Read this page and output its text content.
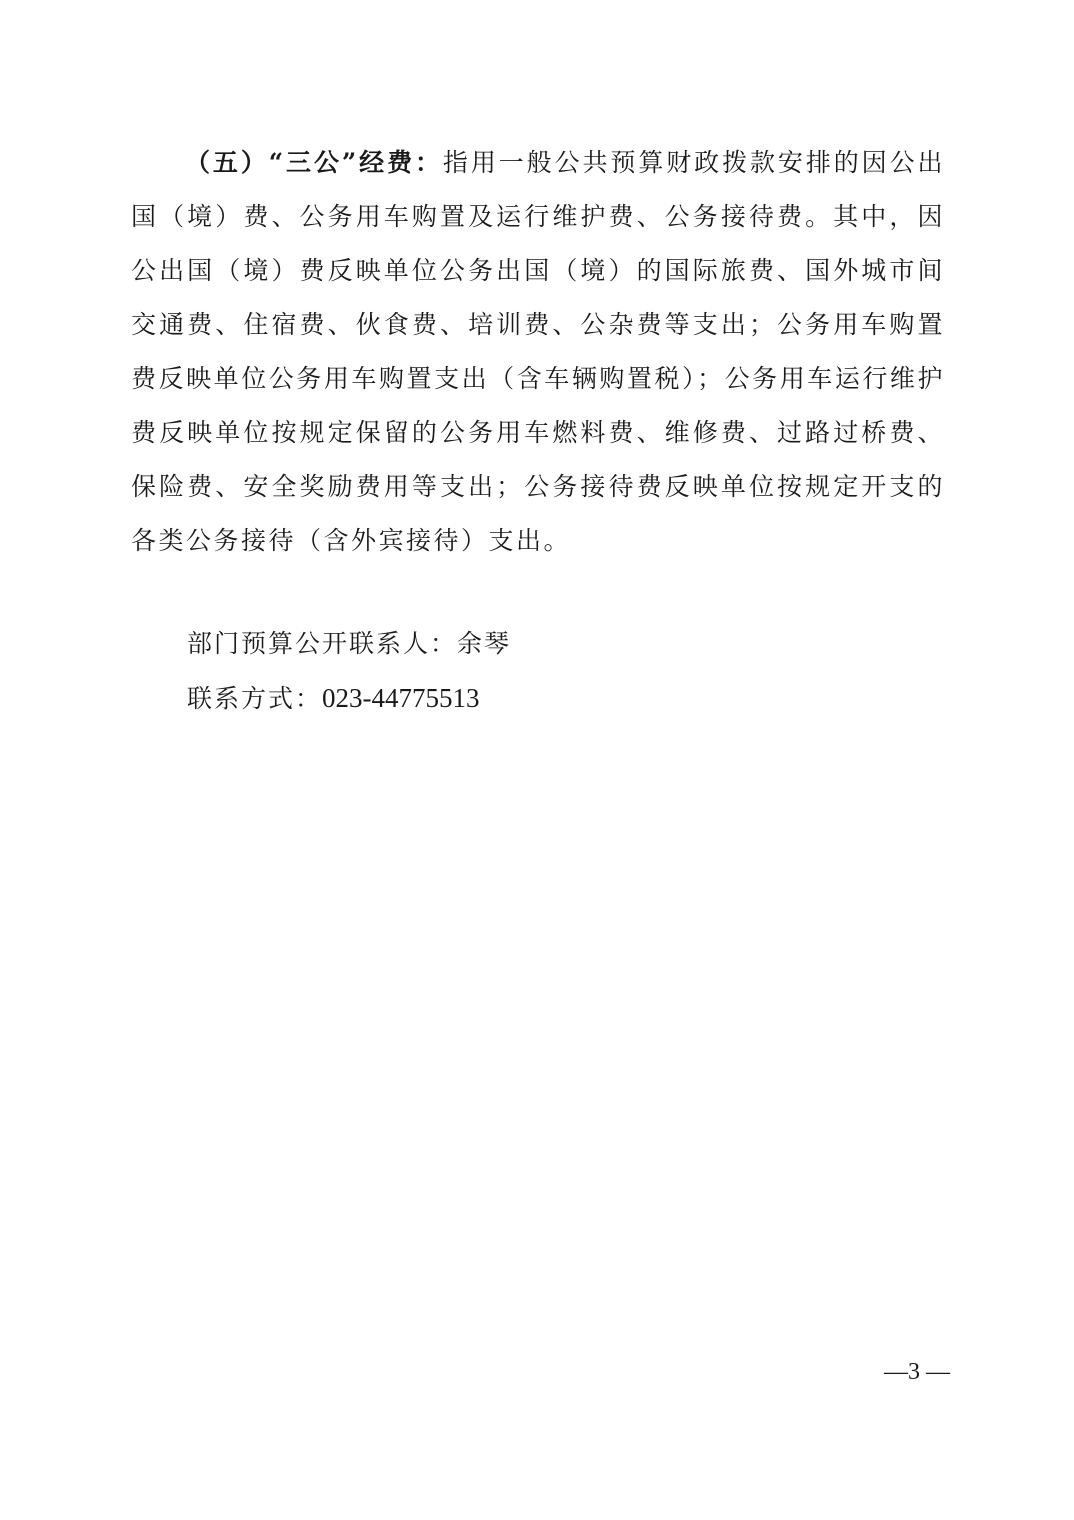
（五）“三公”经费：指用一般公共预算财政拨款安排的因公出国（境）费、公务用车购置及运行维护费、公务接待费。其中，因公出国（境）费反映单位公务出国（境）的国际旅费、国外城市间交通费、住宿费、伙食费、培训费、公杂费等支出；公务用车购置费反映单位公务用车购置支出（含车辆购置税）；公务用车运行维护费反映单位按规定保留的公务用车燃料费、维修费、过路过桥费、保险费、安全奖励费用等支出；公务接待费反映单位按规定开支的各类公务接待（含外宾接待）支出。

部门预算公开联系人：余琴

联系方式：023-44775513

—3 —
